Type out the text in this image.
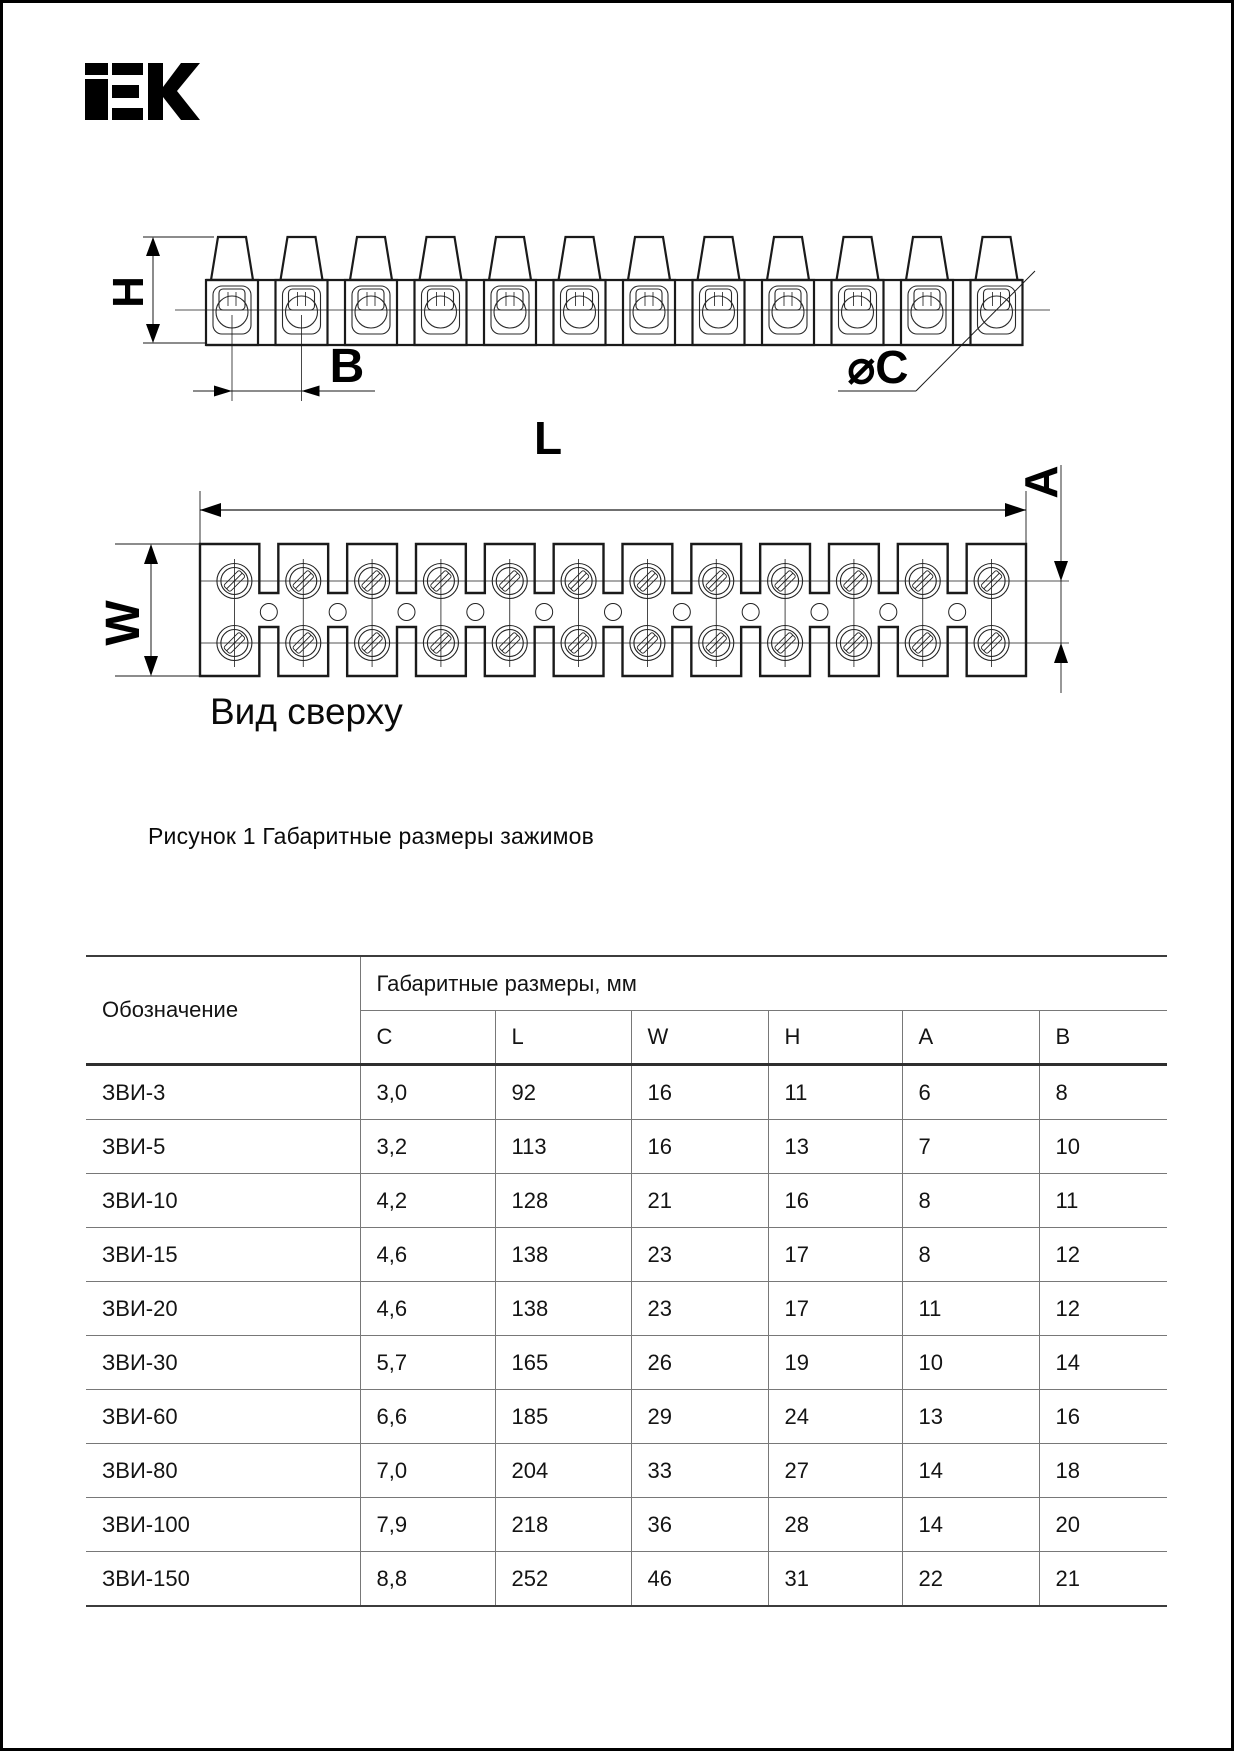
H
B	⌀C
L
W
A
Вид сверху
Рисунок 1 Габаритные размеры зажимов
Обозначение	Габаритные размеры, мм					
	C	L	W	H	A	B
ЗВИ-3	3,0	92	16	11	6	8
ЗВИ-5	3,2	113	16	13	7	10
ЗВИ-10	4,2	128	21	16	8	11
ЗВИ-15	4,6	138	23	17	8	12
ЗВИ-20	4,6	138	23	17	11	12
ЗВИ-30	5,7	165	26	19	10	14
ЗВИ-60	6,6	185	29	24	13	16
ЗВИ-80	7,0	204	33	27	14	18
ЗВИ-100	7,9	218	36	28	14	20
ЗВИ-150	8,8	252	46	31	22	21
